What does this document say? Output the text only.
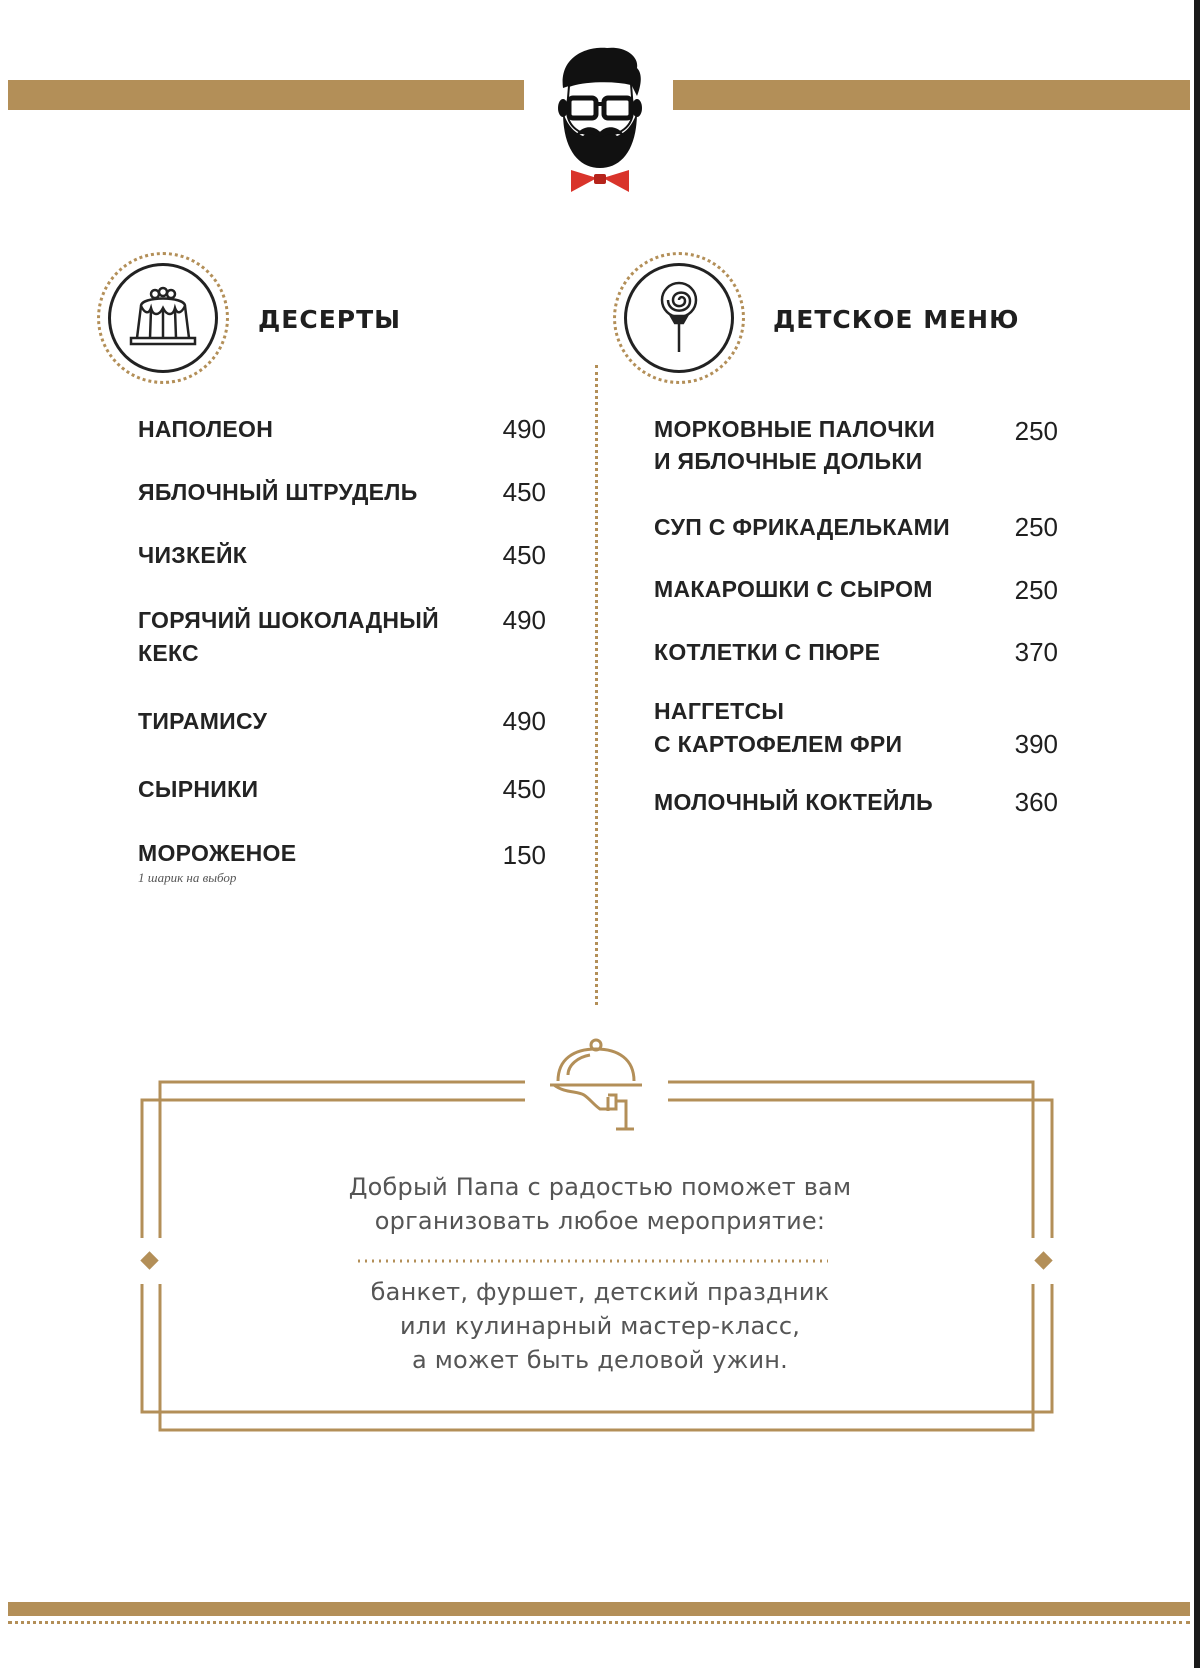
ДЕСЕРТЫ	ДЕТСКОЕ МЕНЮ
НАПОЛЕОН	490
ЯБЛОЧНЫЙ ШТРУДЕЛЬ	450
ЧИЗКЕЙК	450
ГОРЯЧИЙ ШОКОЛАДНЫЙ
КЕКС
490
ТИРАМИСУ	490
СЫРНИКИ	450
МОРОЖЕНОЕ	150
1 шарик на выбор
МОРКОВНЫЕ ПАЛОЧКИ
И ЯБЛОЧНЫЕ ДОЛЬКИ
250
СУП С ФРИКАДЕЛЬКАМИ	250
МАКАРОШКИ С СЫРОМ	250
КОТЛЕТКИ С ПЮРЕ	370
НАГГЕТСЫ
С КАРТОФЕЛЕМ ФРИ	390
МОЛОЧНЫЙ КОКТЕЙЛЬ	360
Добрый Папа с радостью поможет вам
организовать любое мероприятие:
банкет, фуршет, детский праздник
или кулинарный мастер-класс,
а может быть деловой ужин.
